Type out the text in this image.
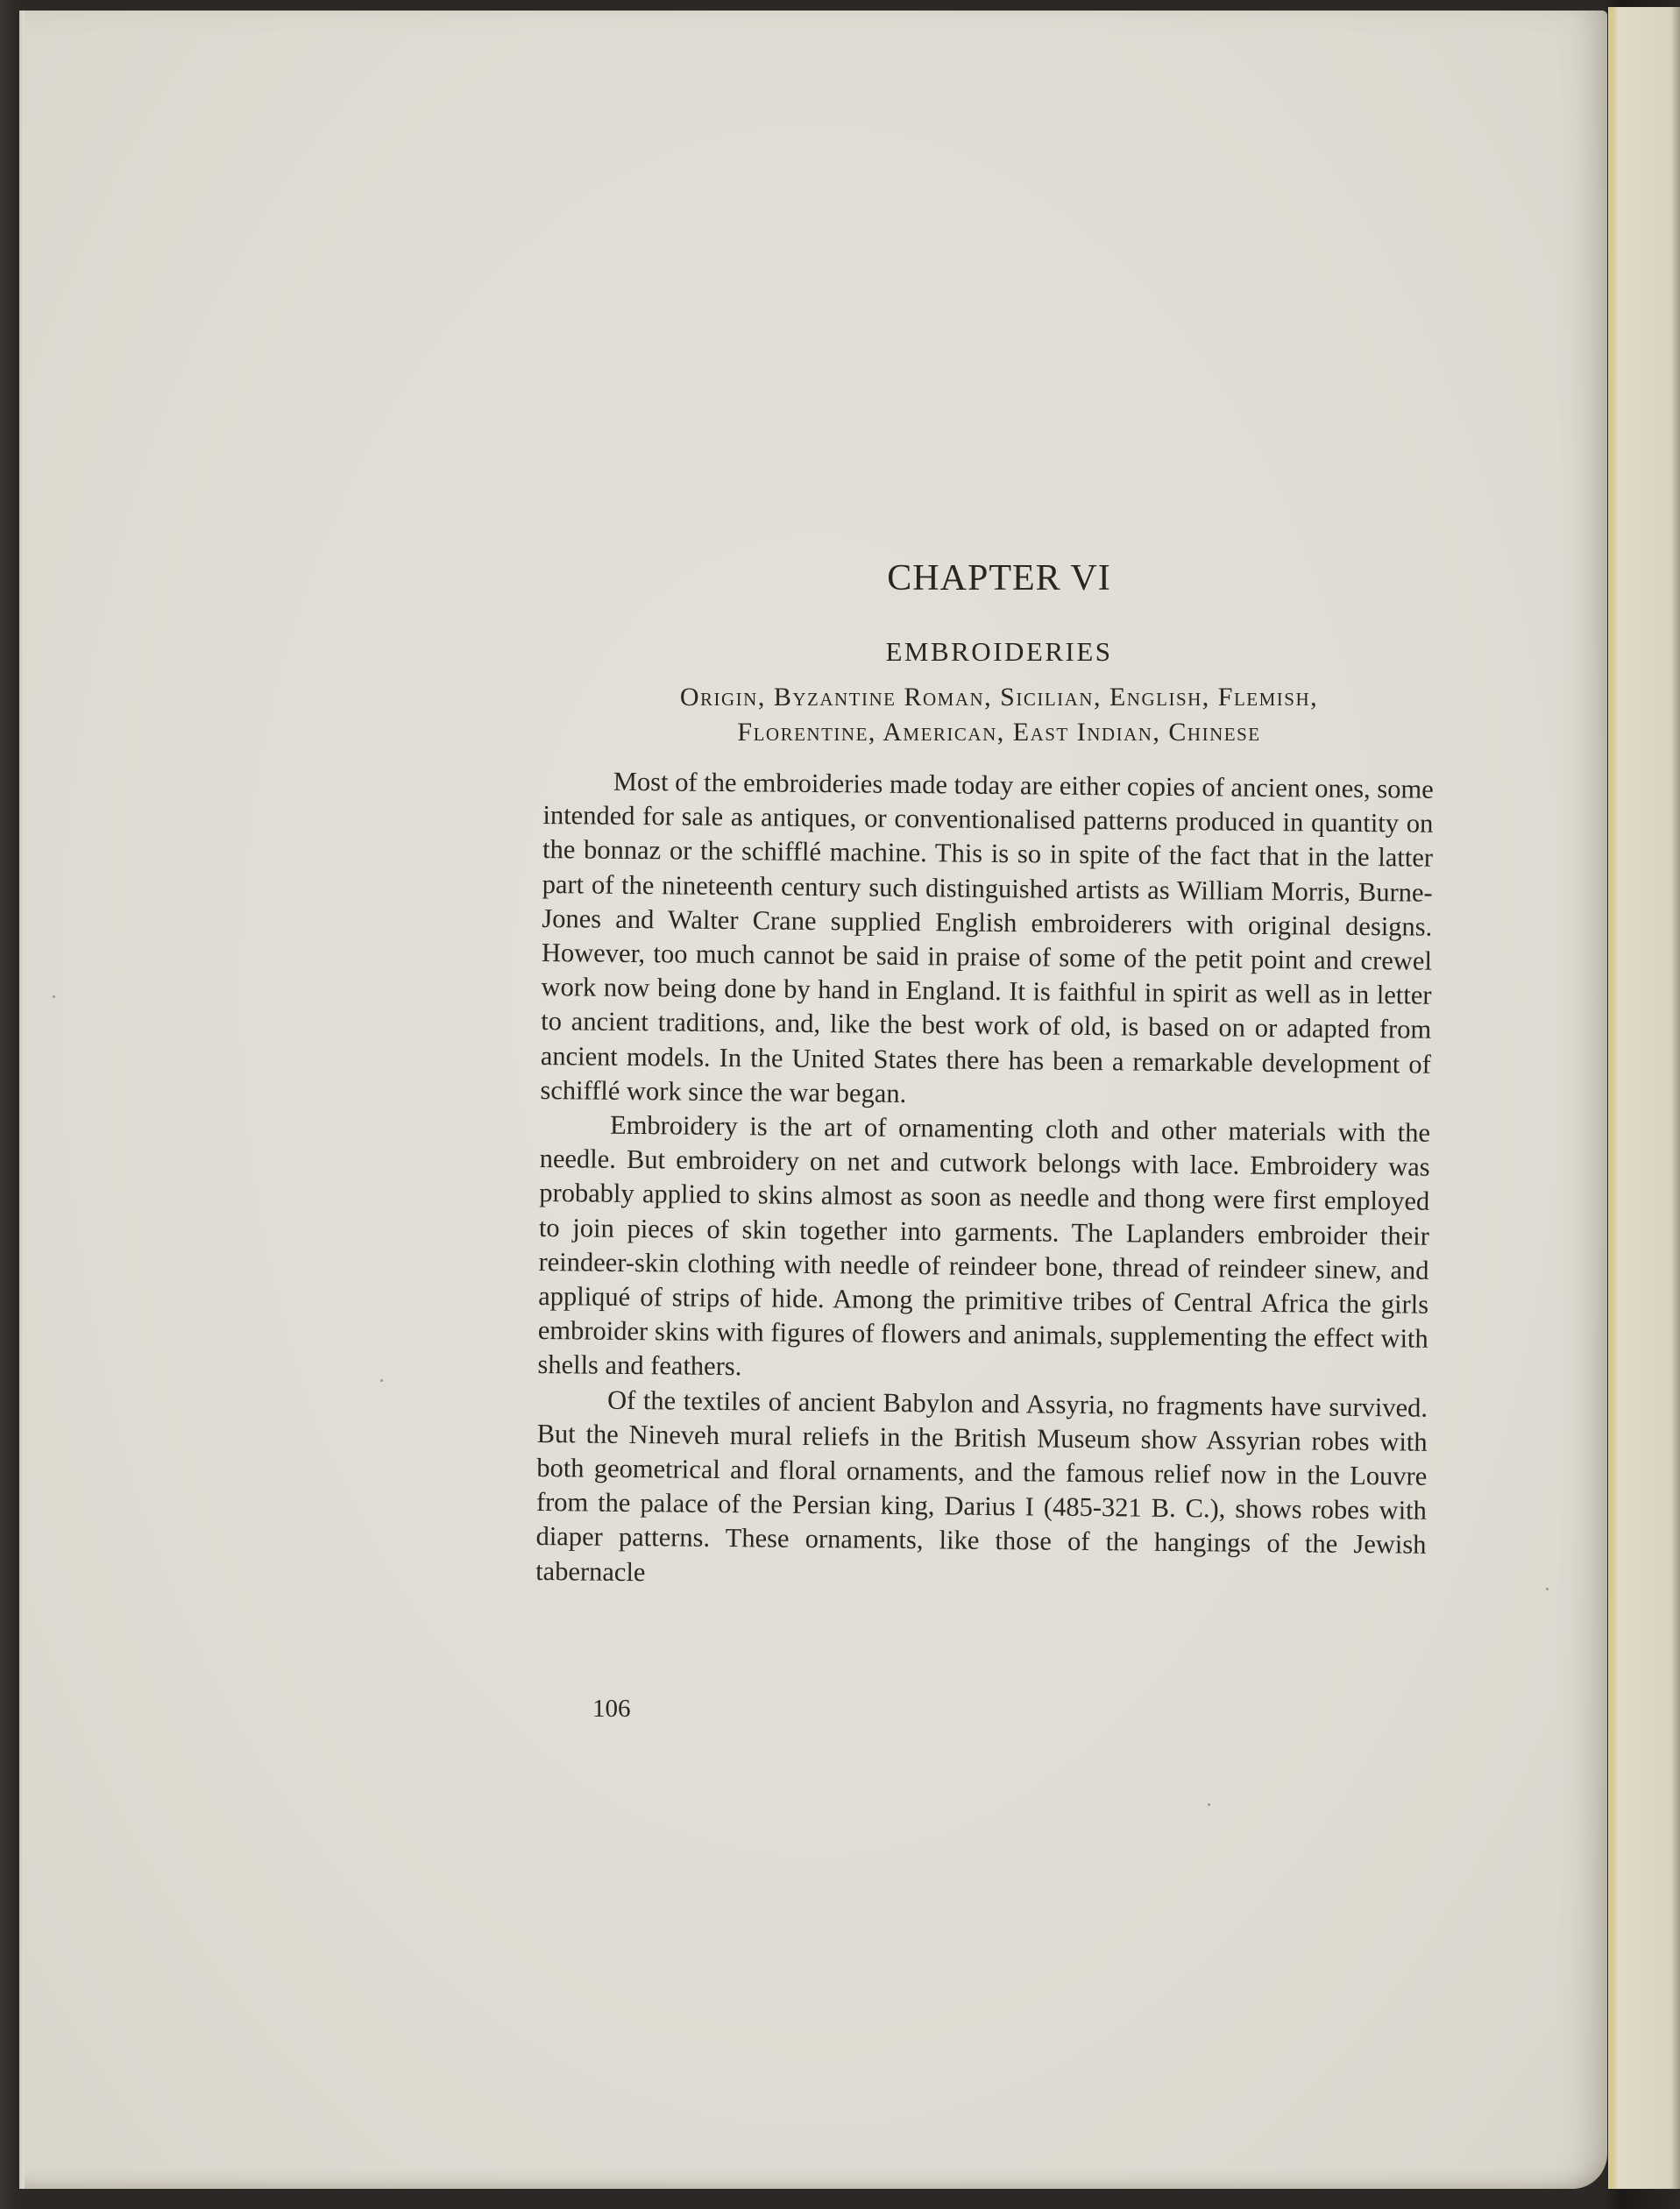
CHAPTER VI
EMBROIDERIES
Origin, Byzantine Roman, Sicilian, English, Flemish,
Florentine, American, East Indian, Chinese

Most of the embroideries made today are either copies of ancient ones, some intended for sale as antiques, or conventionalised patterns produced in quantity on the bonnaz or the schifflé machine. This is so in spite of the fact that in the latter part of the nineteenth century such distinguished artists as William Morris, Burne-Jones and Walter Crane supplied English embroiderers with original designs. However, too much cannot be said in praise of some of the petit point and crewel work now being done by hand in England. It is faithful in spirit as well as in letter to ancient traditions, and, like the best work of old, is based on or adapted from ancient models. In the United States there has been a remarkable development of schifflé work since the war began.

Embroidery is the art of ornamenting cloth and other materials with the needle. But embroidery on net and cutwork belongs with lace. Embroidery was probably applied to skins almost as soon as needle and thong were first employed to join pieces of skin together into garments. The Laplanders embroider their reindeer-skin clothing with needle of reindeer bone, thread of reindeer sinew, and appliqué of strips of hide. Among the primitive tribes of Central Africa the girls embroider skins with figures of flowers and animals, supplementing the effect with shells and feathers.

Of the textiles of ancient Babylon and Assyria, no fragments have survived. But the Nineveh mural reliefs in the British Museum show Assyrian robes with both geometrical and floral ornaments, and the famous relief now in the Louvre from the palace of the Persian king, Darius I (485-321 B. C.), shows robes with diaper patterns. These ornaments, like those of the hangings of the Jewish tabernacle

106
